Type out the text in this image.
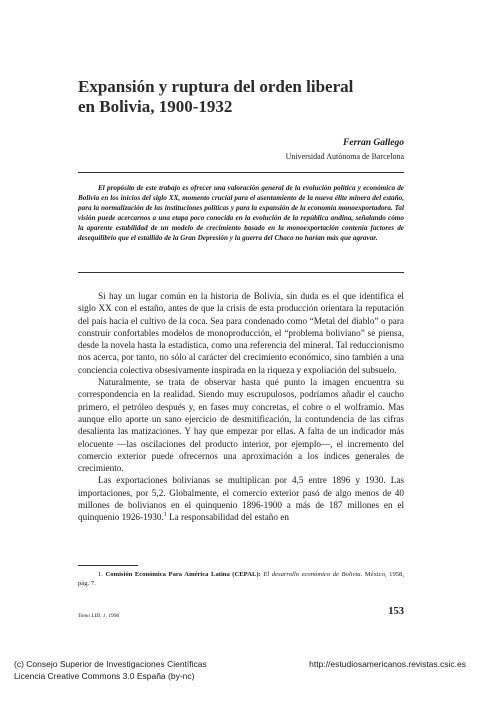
Expansión y ruptura del orden liberal
en Bolivia, 1900-1932
Ferran Gallego
Universidad Autónoma de Barcelona

El propósito de este trabajo es ofrecer una valoración general de la evolución política y económica de Bolivia en los inicios del siglo XX, momento crucial para el asentamiento de la nueva élite minera del estaño, para la normalización de las instituciones políticas y para la expansión de la economía monoexportadora. Tal visión puede acercarnos a una etapa poco conocida en la evolución de la república andina, señalando cómo la aparente estabilidad de un modelo de crecimiento basado en la monoexportación contenía factores de desequilibrio que el estallido de la Gran Depresión y la guerra del Chaco no harían más que agravar.

Si hay un lugar común en la historia de Bolivia, sin duda es el que identifica el siglo XX con el estaño, antes de que la crisis de esta producción orientara la reputación del país hacia el cultivo de la coca. Sea para condenado como “Metal del diablo” o para construir confortables modelos de monoproducción, el “problema boliviano” se piensa, desde la novela hasta la estadística, como una referencia del mineral. Tal reduccionismo nos acerca, por tanto, no sólo al carácter del crecimiento económico, sino también a una conciencia colectiva obsesivamente inspirada en la riqueza y expoliación del subsuelo.

Naturalmente, se trata de observar hasta qué punto la imagen encuentra su correspondencia en la realidad. Siendo muy escrupulosos, podríamos añadir el caucho primero, el petróleo después y, en fases muy concretas, el cobre o el wolframio. Mas aunque ello aporte un sano ejercicio de desmitificación, la contundencia de las cifras desalienta las matizaciones. Y hay que empezar por ellas. A falta de un indicador más elocuente —las oscilaciones del producto interior, por ejemplo—, el incremento del comercio exterior puede ofrecernos una aproximación a los índices generales de crecimiento.

Las exportaciones bolivianas se multiplican por 4,5 entre 1896 y 1930. Las importaciones, por 5,2. Globalmente, el comercio exterior pasó de algo menos de 40 millones de bolivianos en el quinquenio 1896-1900 a más de 187 millones en el quinquenio 1926-1930.$^1$ La responsabilidad del estaño en

1. Comisión Económica Para América Latina (CEPAL): El desarrollo económico de Bolivia. México, 1958, pág. 7.

Tomo LIII, 1, 1996	153
(c) Consejo Superior de Investigaciones Científicas
Licencia Creative Commons 3.0 España (by-nc)
http://estudiosamericanos.revistas.csic.es
